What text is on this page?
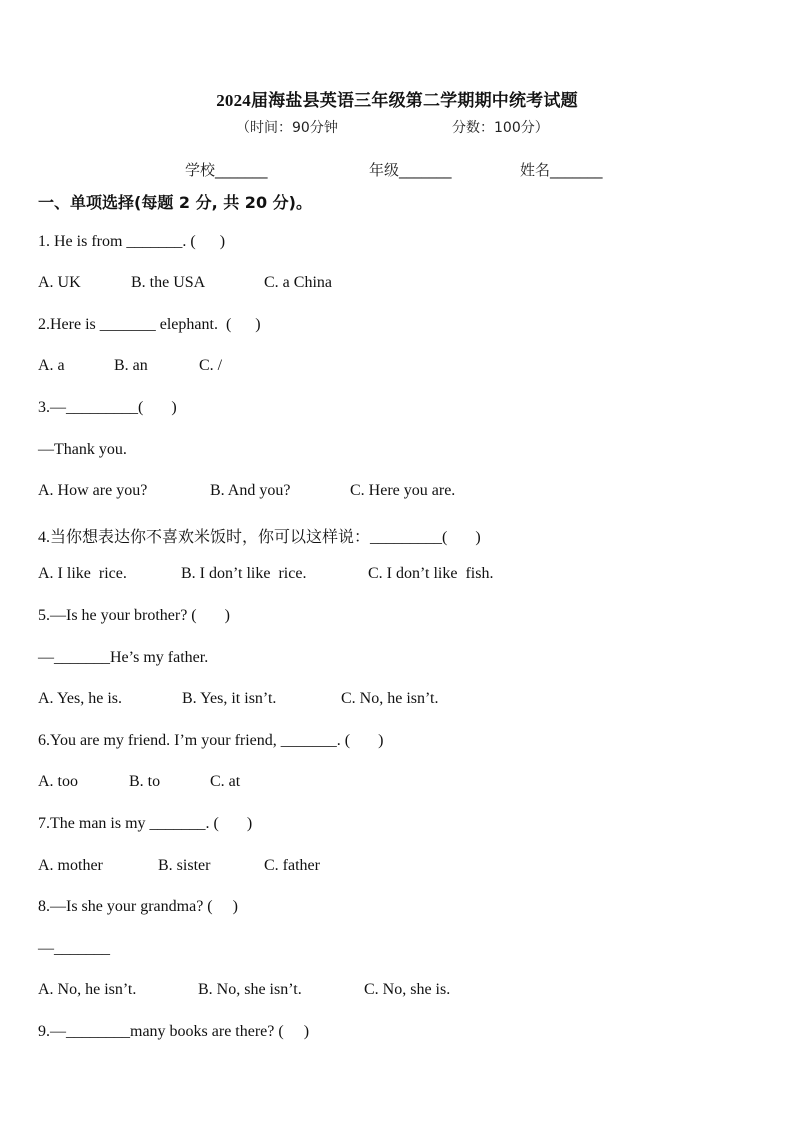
2024届海盐县英语三年级第二学期期中统考试题
（时间：90分钟	分数：100分）
学校_______	年级_______	姓名_______
一、单项选择(每题 2 分, 共 20 分)。
1. He is from _______. (      )
A. UK	B. the USA	C. a China
2.Here is _______ elephant.  (      )
A. a	B. an	C. /
3.—_________(       )
—Thank you.
A. How are you?	B. And you?	C. Here you are.
4.当你想表达你不喜欢米饭时，你可以这样说：_________(       )
A. I like  rice.	B. I don’t like  rice.	C. I don’t like  fish.
5.—Is he your brother? (       )
—_______He’s my father.
A. Yes, he is.	B. Yes, it isn’t.	C. No, he isn’t.
6.You are my friend. I’m your friend, _______. (       )
A. too	B. to	C. at
7.The man is my _______. (       )
A. mother	B. sister	C. father
8.—Is she your grandma? (     )
—_______
A. No, he isn’t.	B. No, she isn’t.	C. No, she is.
9.—________many books are there? (     )
